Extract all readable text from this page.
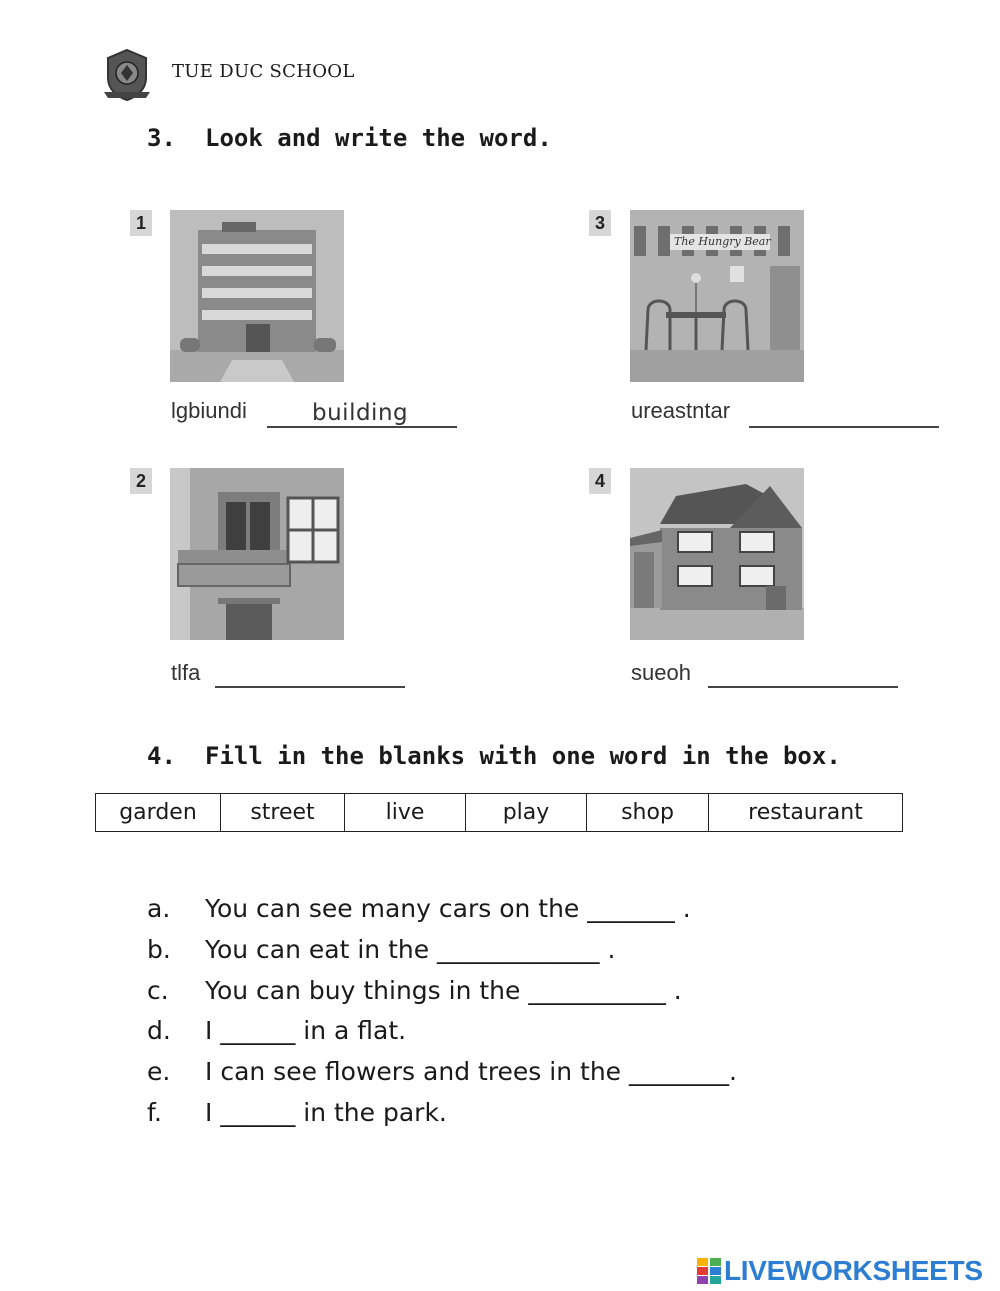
TUE DUC SCHOOL
3. Look and write the word.
1
lgbiundi	building
3
The Hungry Bear
ureastntar
2
tlfa
4
sueoh
4. Fill in the blanks with one word in the box.
garden	street	live	play	shop	restaurant
a.	You can see many cars on the _______ .
b.	You can eat in the _____________ .
c.	You can buy things in the ___________ .
d.	I ______ in a flat.
e.	I can see flowers and trees in the ________.
f.	I ______ in the park.
LIVEWORKSHEETS
